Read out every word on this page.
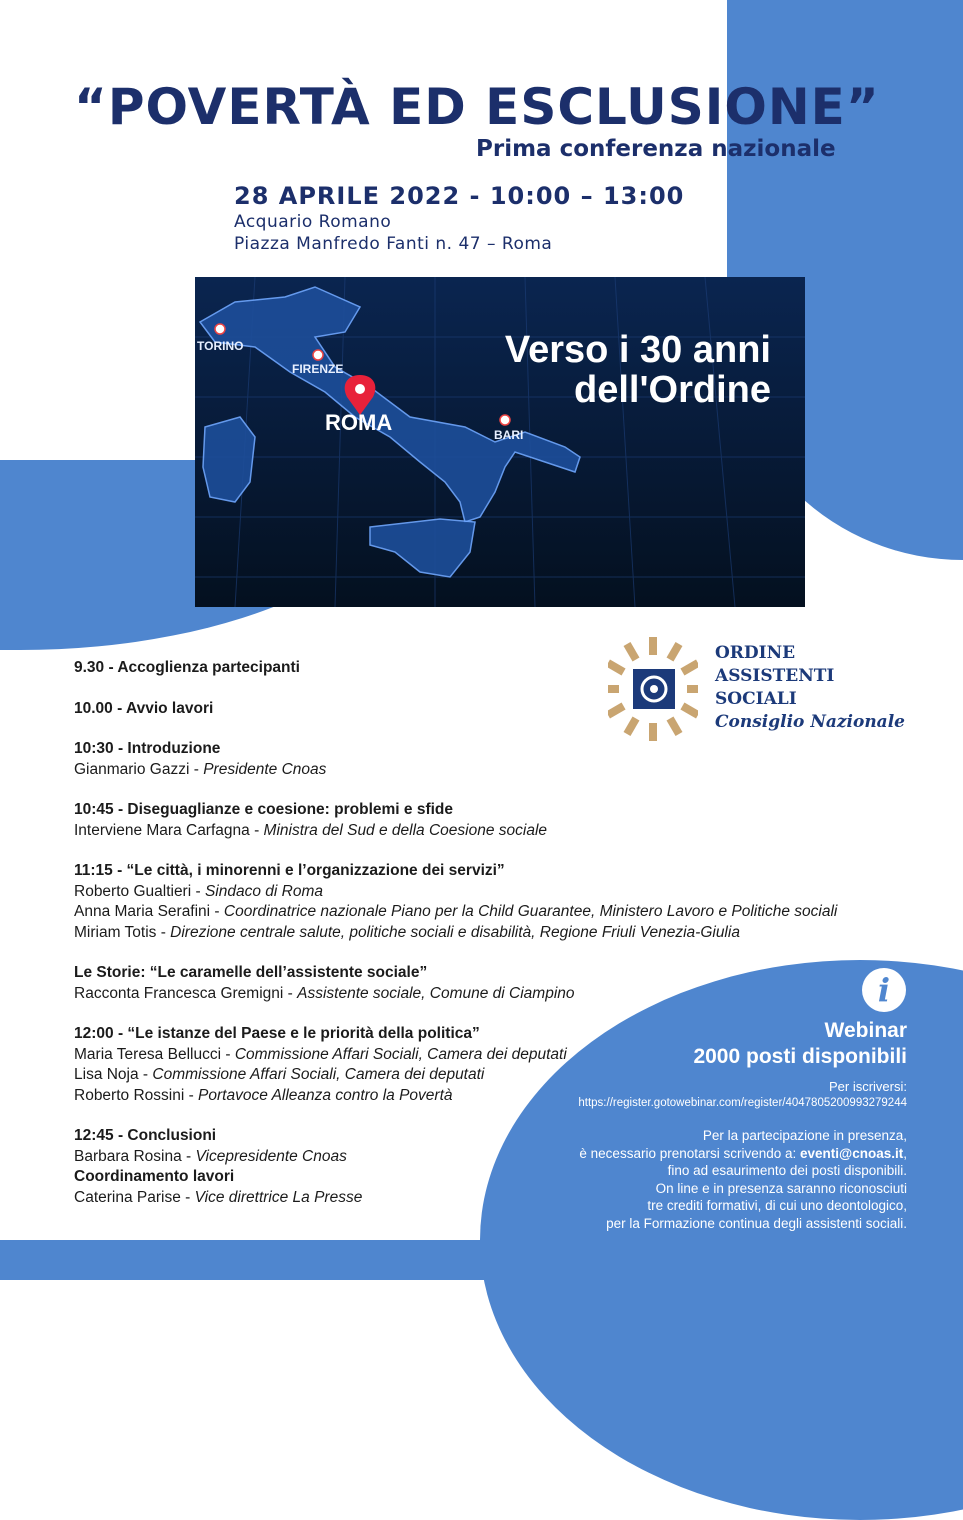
TORINO
FIRENZE
ROMA	BARI
Verso i 30 anni
dell'Ordine
“POVERTÀ ED ESCLUSIONE”
Prima conferenza nazionale
28 APRILE 2022 - 10:00 – 13:00
Acquario Romano
Piazza Manfredo Fanti n. 47 – Roma
ORDINE
ASSISTENTI
SOCIALI
Consiglio Nazionale
9.30 - Accoglienza partecipanti
10.00 - Avvio lavori
10:30 - Introduzione
Gianmario Gazzi - Presidente Cnoas
10:45 - Diseguaglianze e coesione: problemi e sfide
Interviene Mara Carfagna - Ministra del Sud e della Coesione sociale
11:15 - “Le città, i minorenni e l’organizzazione dei servizi”
Roberto Gualtieri - Sindaco di Roma
Anna Maria Serafini - Coordinatrice nazionale Piano per la Child Guarantee, Ministero Lavoro e Politiche sociali
Miriam Totis - Direzione centrale salute, politiche sociali e disabilità, Regione Friuli Venezia-Giulia
Le Storie: “Le caramelle dell’assistente sociale”
Racconta Francesca Gremigni - Assistente sociale, Comune di Ciampino
12:00 - “Le istanze del Paese e le priorità della politica”
Maria Teresa Bellucci - Commissione Affari Sociali, Camera dei deputati
Lisa Noja - Commissione Affari Sociali, Camera dei deputati
Roberto Rossini - Portavoce Alleanza contro la Povertà
12:45 - Conclusioni
Barbara Rosina - Vicepresidente Cnoas
Coordinamento lavori
Caterina Parise - Vice direttrice La Presse
i
Webinar
2000 posti disponibili
Per iscriversi:
https://register.gotowebinar.com/register/4047805200993279244
Per la partecipazione in presenza,
è necessario prenotarsi scrivendo a: eventi@cnoas.it,
fino ad esaurimento dei posti disponibili.
On line e in presenza saranno riconosciuti
tre crediti formativi, di cui uno deontologico,
per la Formazione continua degli assistenti sociali.
